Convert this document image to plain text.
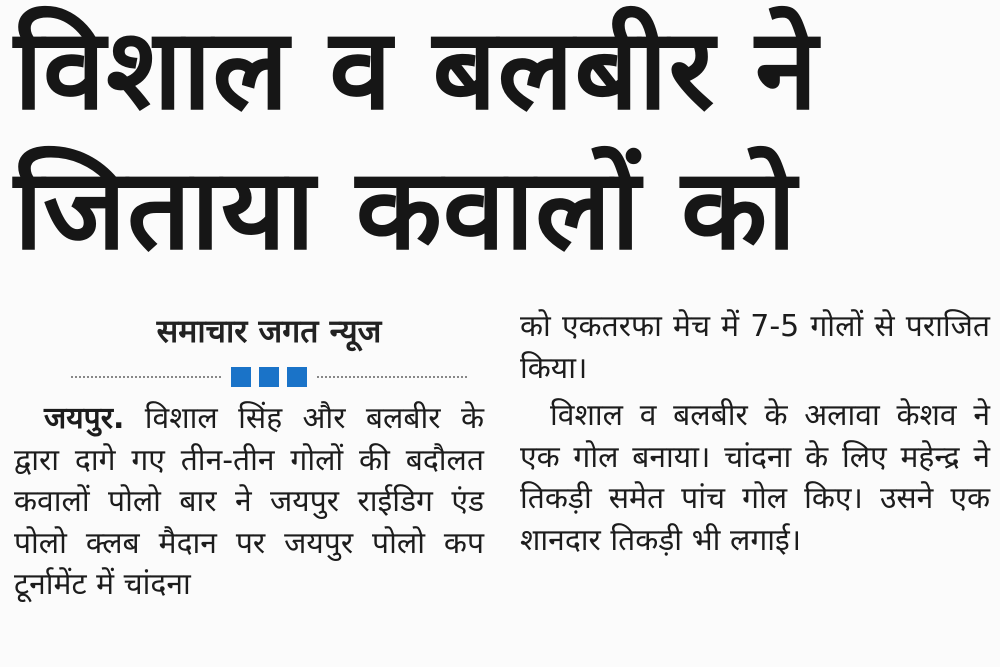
विशाल व बलबीर ने
जिताया कवालों को
समाचार जगत न्यूज

जयपुर. विशाल सिंह और बलबीर के द्वारा दागे गए तीन-तीन गोलों की बदौलत कवालों पोलो बार ने जयपुर राईडिग एंड पोलो क्लब मैदान पर जयपुर पोलो कप टूर्नामेंट में चांदना

को एकतरफा मेच में 7-5 गोलों से पराजित किया।

विशाल व बलबीर के अलावा केशव ने एक गोल बनाया। चांदना के लिए महेन्द्र ने तिकड़ी समेत पांच गोल किए। उसने एक शानदार तिकड़ी भी लगाई।
